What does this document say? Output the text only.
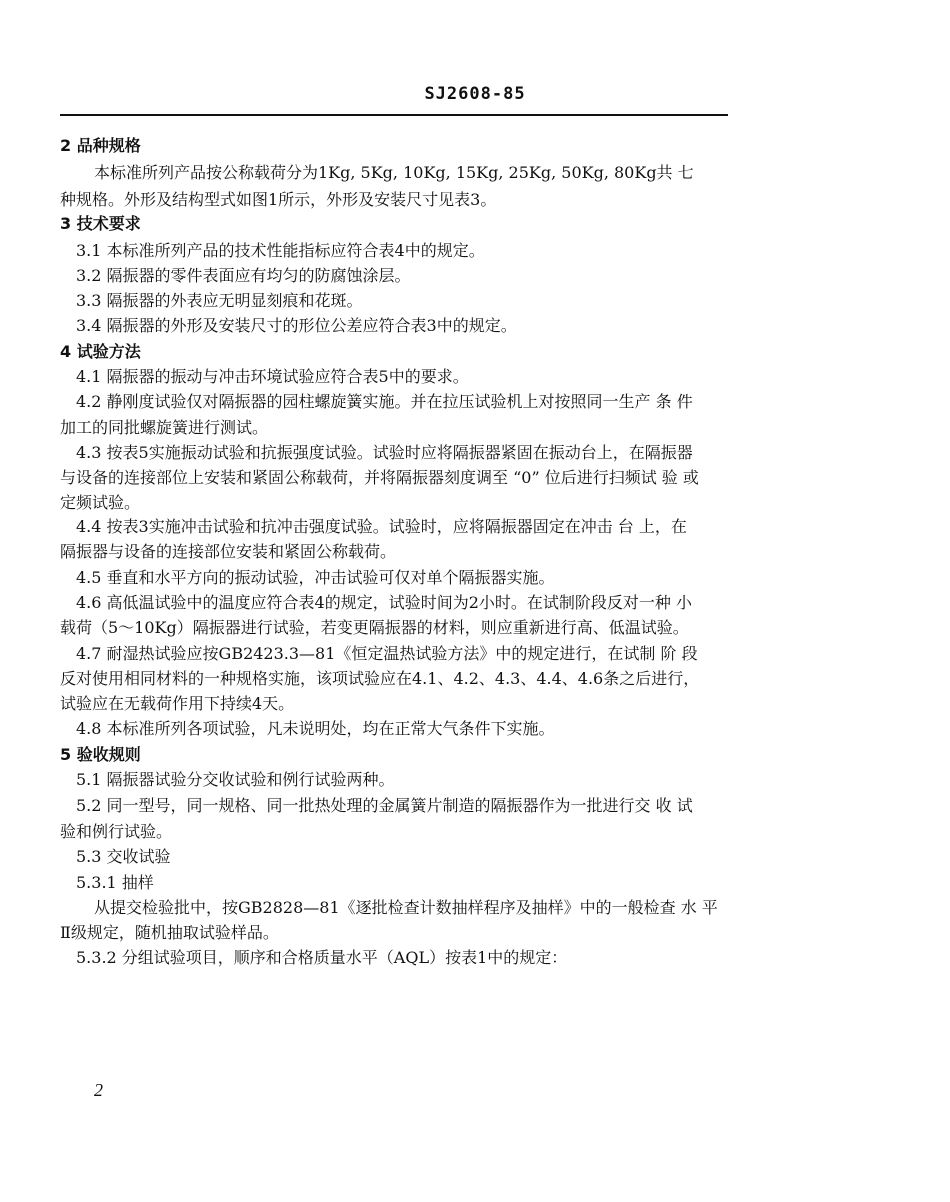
SJ2608-85
2 品种规格
本标准所列产品按公称载荷分为1Kg, 5Kg, 10Kg, 15Kg, 25Kg, 50Kg, 80Kg共 七
种规格。外形及结构型式如图1所示，外形及安装尺寸见表3。
3 技术要求
3.1 本标准所列产品的技术性能指标应符合表4中的规定。
3.2 隔振器的零件表面应有均匀的防腐蚀涂层。
3.3 隔振器的外表应无明显刻痕和花斑。
3.4 隔振器的外形及安装尺寸的形位公差应符合表3中的规定。
4 试验方法
4.1 隔振器的振动与冲击环境试验应符合表5中的要求。
4.2 静刚度试验仅对隔振器的园柱螺旋簧实施。并在拉压试验机上对按照同一生产 条 件
加工的同批螺旋簧进行测试。
4.3 按表5实施振动试验和抗振强度试验。试验时应将隔振器紧固在振动台上，在隔振器
与设备的连接部位上安装和紧固公称载荷，并将隔振器刻度调至 “0” 位后进行扫频试 验 或
定频试验。
4.4 按表3实施冲击试验和抗冲击强度试验。试验时，应将隔振器固定在冲击 台 上，在
隔振器与设备的连接部位安装和紧固公称载荷。
4.5 垂直和水平方向的振动试验，冲击试验可仅对单个隔振器实施。
4.6 高低温试验中的温度应符合表4的规定，试验时间为2小时。在试制阶段反对一种 小
载荷（5～10Kg）隔振器进行试验，若变更隔振器的材料，则应重新进行高、低温试验。
4.7 耐湿热试验应按GB2423.3—81《恒定温热试验方法》中的规定进行，在试制 阶 段
反对使用相同材料的一种规格实施，该项试验应在4.1、4.2、4.3、4.4、4.6条之后进行，
试验应在无载荷作用下持续4天。
4.8 本标准所列各项试验，凡未说明处，均在正常大气条件下实施。
5 验收规则
5.1 隔振器试验分交收试验和例行试验两种。
5.2 同一型号，同一规格、同一批热处理的金属簧片制造的隔振器作为一批进行交 收 试
验和例行试验。
5.3 交收试验
5.3.1 抽样
从提交检验批中，按GB2828—81《逐批检查计数抽样程序及抽样》中的一般检查 水 平
Ⅱ级规定，随机抽取试验样品。
5.3.2 分组试验项目，顺序和合格质量水平（AQL）按表1中的规定：
2
